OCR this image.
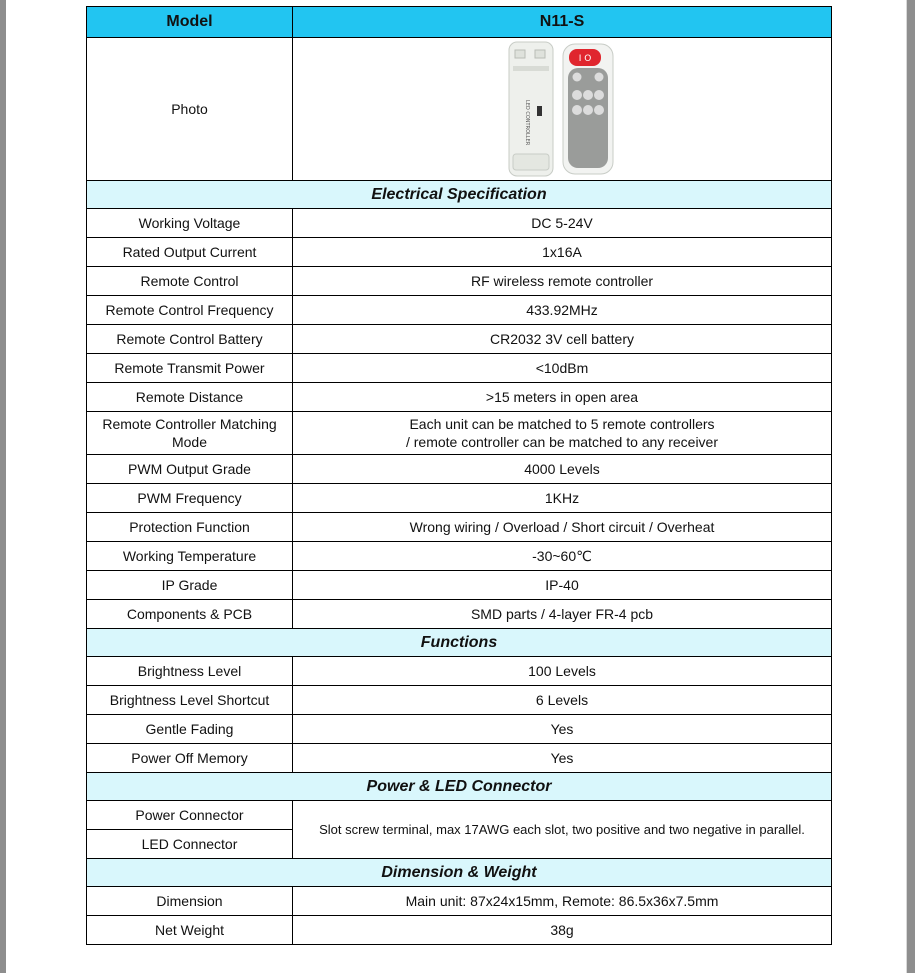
Model	N11-S
Photo	LED CONTROLLER
I O

Electrical Specification	
Working Voltage	DC 5-24V
Rated Output Current	1x16A
Remote Control	RF wireless remote controller
Remote Control Frequency	433.92MHz
Remote Control Battery	CR2032 3V cell battery
Remote Transmit Power	<10dBm
Remote Distance	>15 meters in open area
Remote Controller Matching Mode	Each unit can be matched to 5 remote controllers
/ remote controller can be matched to any receiver

PWM Output Grade	4000 Levels
PWM Frequency	1KHz
Protection Function	Wrong wiring / Overload / Short circuit / Overheat
Working Temperature	-30~60℃
IP Grade	IP-40
Components & PCB	SMD parts / 4-layer FR-4 pcb
Functions	
Brightness Level	100 Levels
Brightness Level Shortcut	6 Levels
Gentle Fading	Yes
Power Off Memory	Yes
Power & LED Connector	
Power Connector	Slot screw terminal, max 17AWG each slot, two positive and two negative in parallel.
LED Connector	
Dimension & Weight	
Dimension	Main unit: 87x24x15mm, Remote: 86.5x36x7.5mm
Net Weight	38g
